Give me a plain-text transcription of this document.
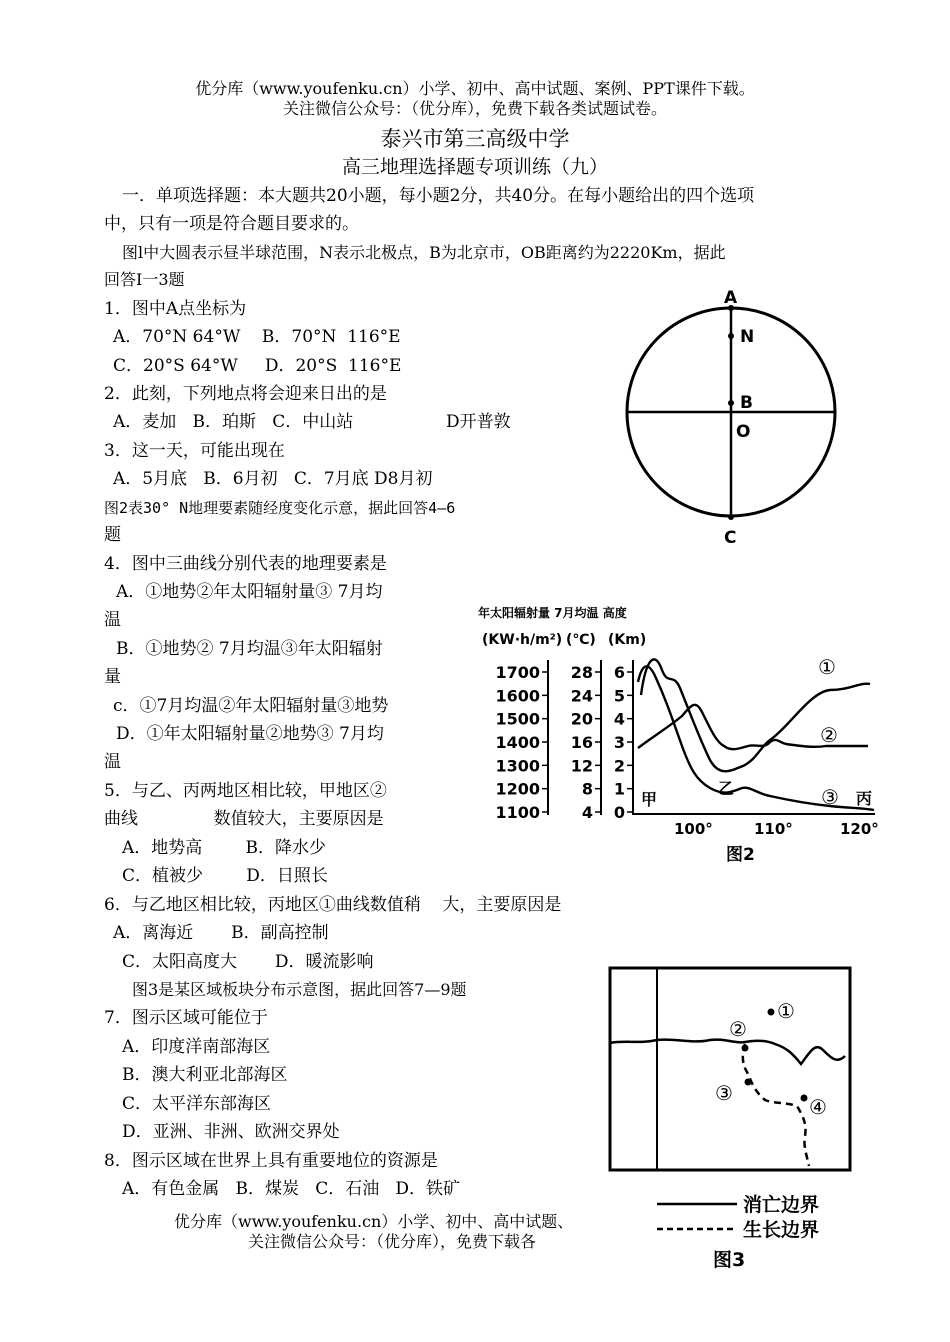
优分库（www.youfenku.cn）小学、初中、高中试题、案例、PPT课件下载。
关注微信公众号：（优分库），免费下载各类试题试卷。
泰兴市第三高级中学
高三地理选择题专项训练（九）
一．单项选择题：本大题共20小题，每小题2分，共40分。在每小题给出的四个选项
中，只有一项是符合题目要求的。
图l中大圆表示昼半球范围，N表示北极点，B为北京市，OB距离约为2220Km，据此
回答I一3题
1．图中A点坐标为
A．70°N 64°W    B．70°N  116°E
C．20°S 64°W     D．20°S  116°E
2．此刻，下列地点将会迎来日出的是
A．麦加   B．珀斯   C．中山站	D开普敦
3．这一天，可能出现在
A．5月底   B．6月初   C．7月底 D8月初
图2表30° N地理要素随经度变化示意，据此回答4—6
题
4．图中三曲线分别代表的地理要素是
A．①地势②年太阳辐射量③ 7月均
温
B．①地势② 7月均温③年太阳辐射
量
c．①7月均温②年太阳辐射量③地势
D．①年太阳辐射量②地势③ 7月均
温
5．与乙、丙两地区相比较，甲地区②
曲线              数值较大，主要原因是
A．地势高        B．降水少
C．植被少        D．日照长
6．与乙地区相比较，丙地区①曲线数值稍    大，主要原因是
A．离海近       B．副高控制
C．太阳高度大       D．暖流影响
图3是某区域板块分布示意图，据此回答7—9题
7．图示区域可能位于
A．印度洋南部海区
B．澳大利亚北部海区
C．太平洋东部海区
D．亚洲、非洲、欧洲交界处
8．图示区域在世界上具有重要地位的资源是
A．有色金属   B．煤炭   C．石油   D．铁矿
优分库（www.youfenku.cn）小学、初中、高中试题、
关注微信公众号：（优分库），免费下载各
A
N
B
O
C
年太阳辐射量 7月均温 高度
(KW·h/m²) (℃) (Km)
1700
1600
1500
1400
1300
1200
1100
28
24
20
16
12
8
4
6
5
4
3
2
1
0
①
②
③
甲
乙
丙
100°	110°	120°
图2
①
②
③
④
消亡边界
生长边界
图3
